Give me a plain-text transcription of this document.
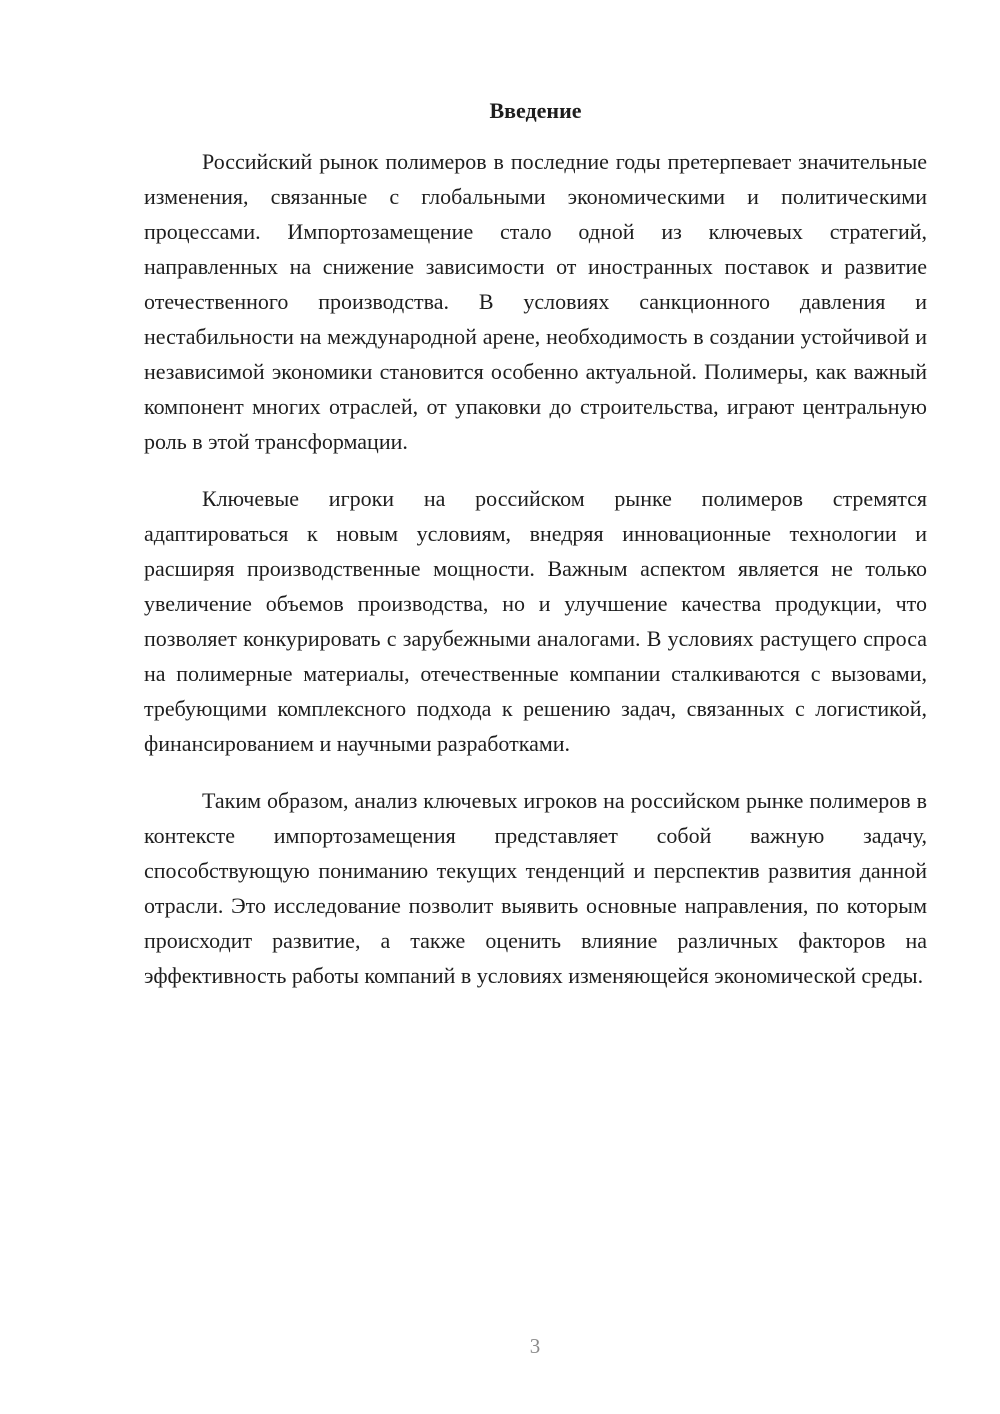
Введение

Российский рынок полимеров в последние годы претерпевает значительные изменения, связанные с глобальными экономическими и политическими процессами. Импортозамещение стало одной из ключевых стратегий, направленных на снижение зависимости от иностранных поставок и развитие отечественного производства. В условиях санкционного давления и нестабильности на международной арене, необходимость в создании устойчивой и независимой экономики становится особенно актуальной. Полимеры, как важный компонент многих отраслей, от упаковки до строительства, играют центральную роль в этой трансформации.

Ключевые игроки на российском рынке полимеров стремятся адаптироваться к новым условиям, внедряя инновационные технологии и расширяя производственные мощности. Важным аспектом является не только увеличение объемов производства, но и улучшение качества продукции, что позволяет конкурировать с зарубежными аналогами. В условиях растущего спроса на полимерные материалы, отечественные компании сталкиваются с вызовами, требующими комплексного подхода к решению задач, связанных с логистикой, финансированием и научными разработками.

Таким образом, анализ ключевых игроков на российском рынке полимеров в контексте импортозамещения представляет собой важную задачу, способствующую пониманию текущих тенденций и перспектив развития данной отрасли. Это исследование позволит выявить основные направления, по которым происходит развитие, а также оценить влияние различных факторов на эффективность работы компаний в условиях изменяющейся экономической среды.

3
